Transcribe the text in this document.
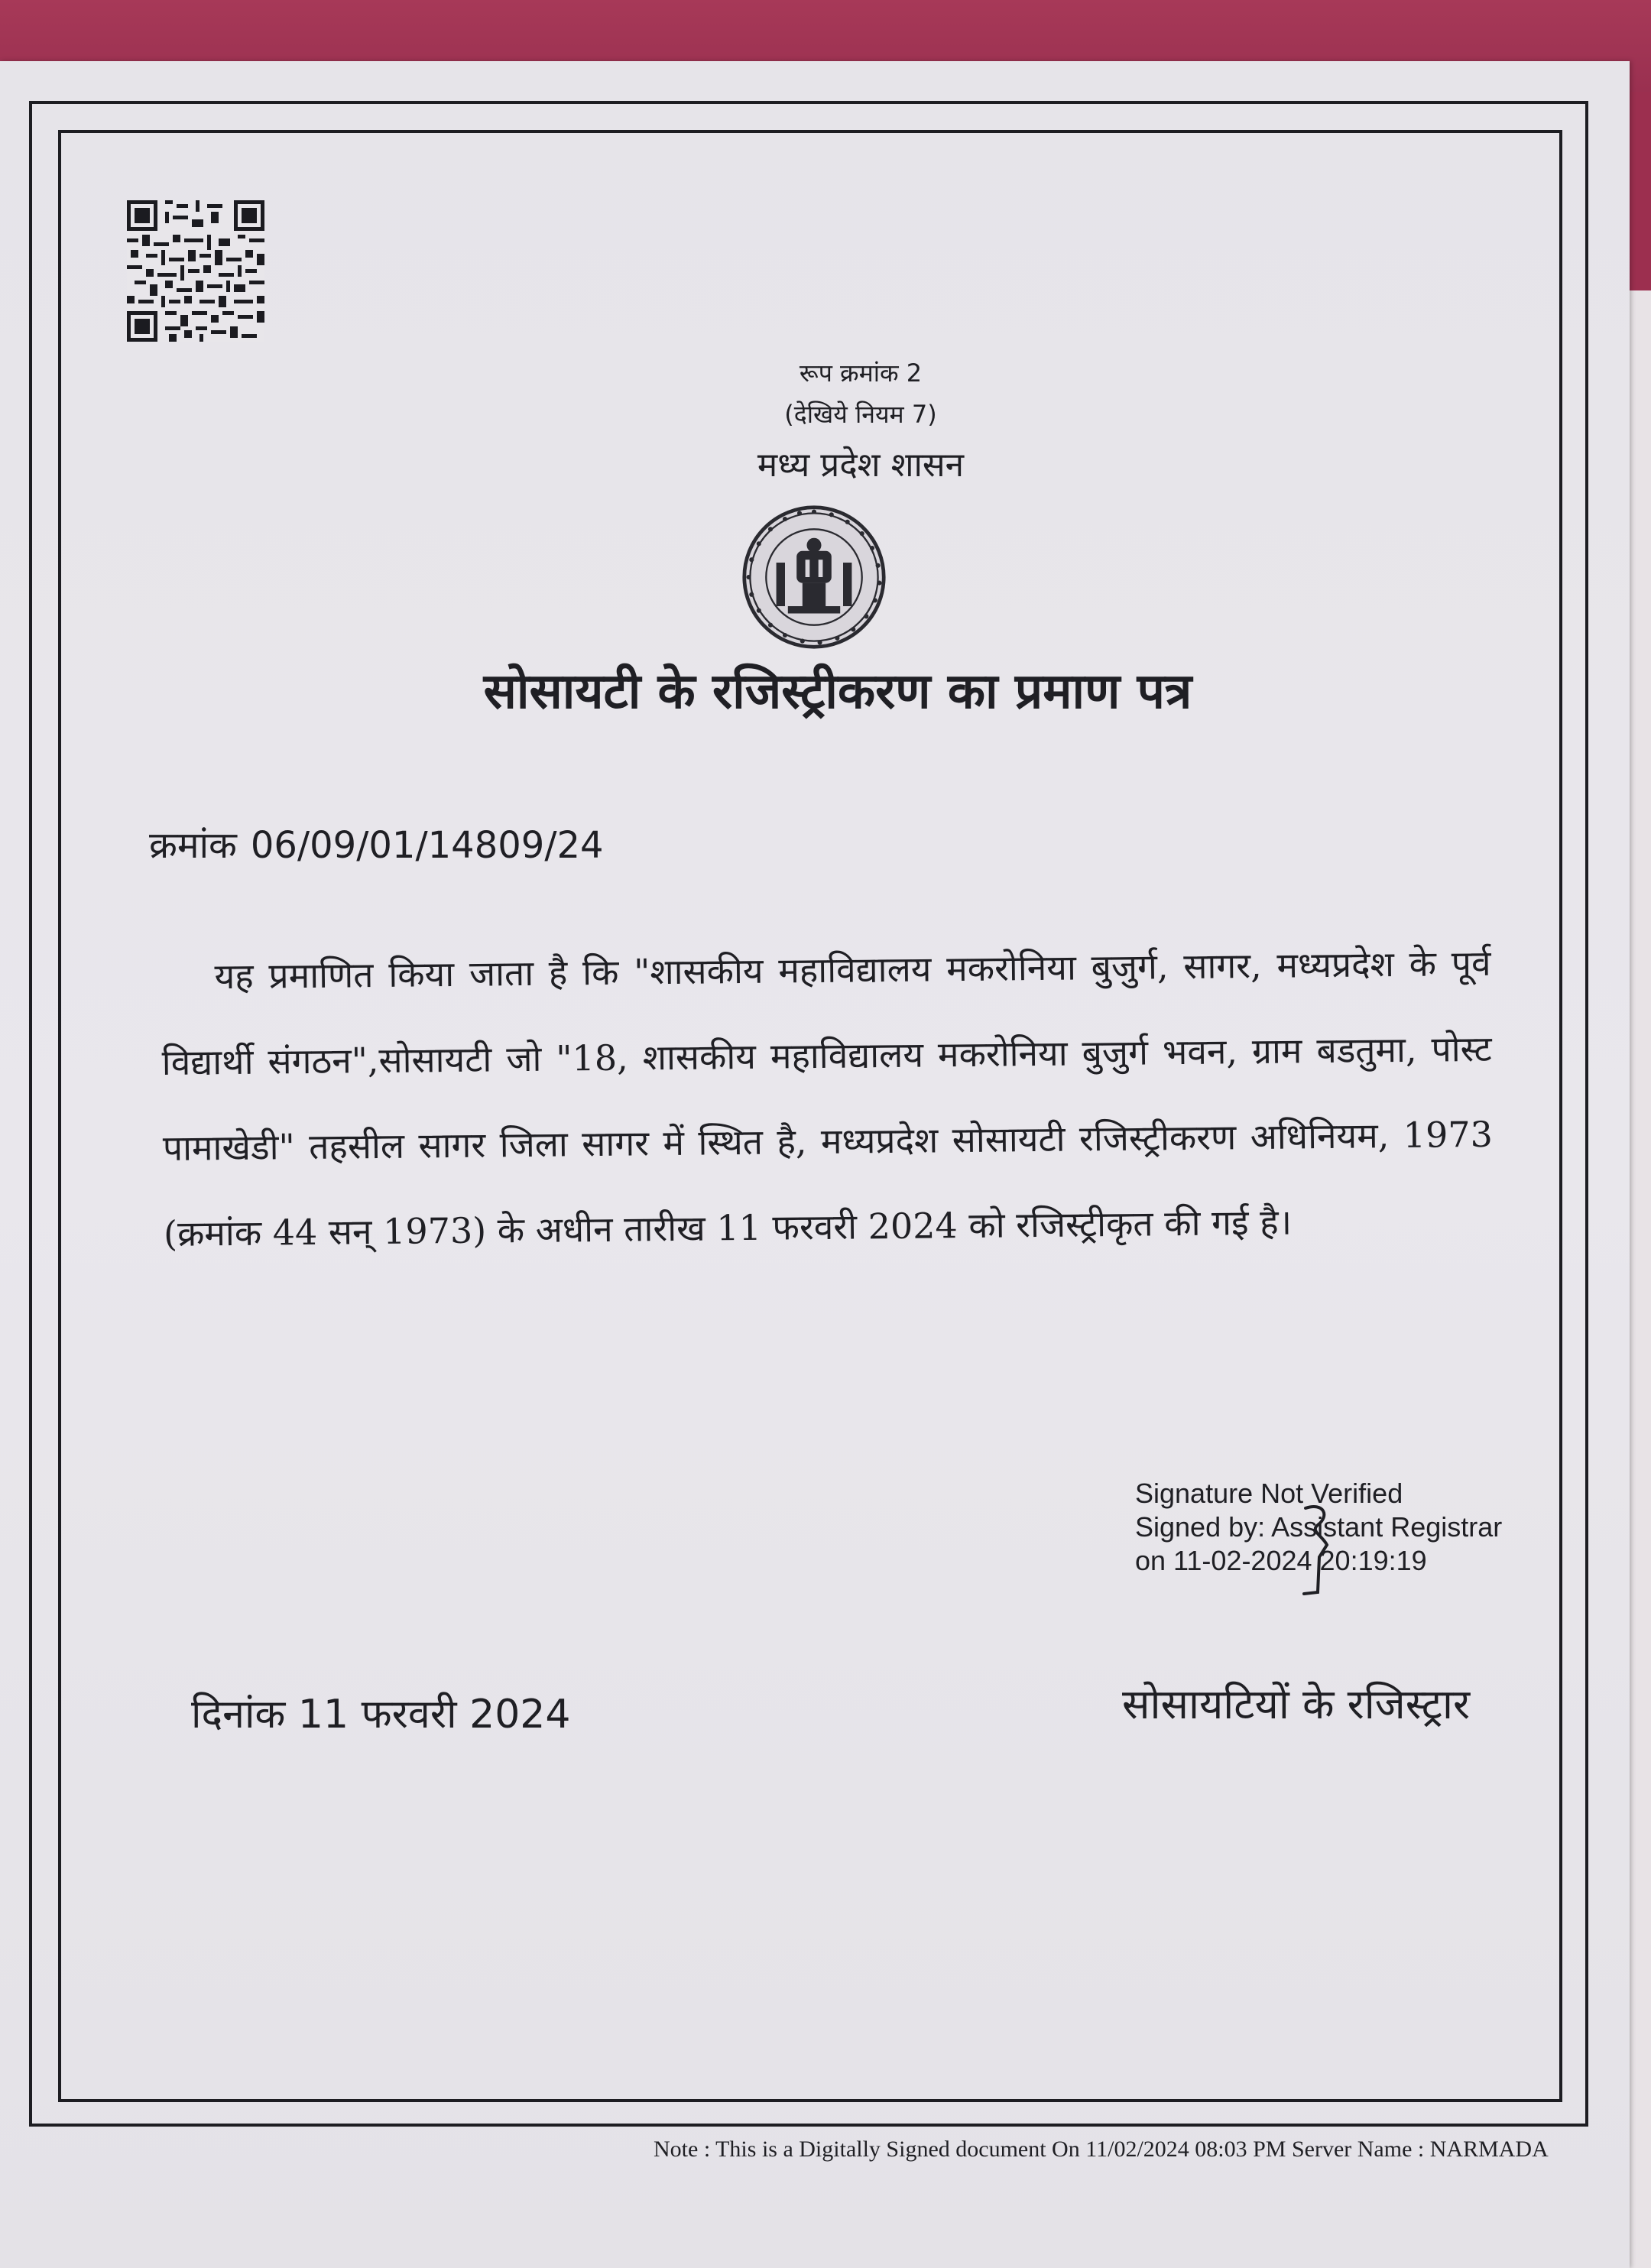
रूप क्रमांक 2
(देखिये नियम 7)
मध्य प्रदेश शासन
सोसायटी के रजिस्ट्रीकरण का प्रमाण पत्र
क्रमांक 06/09/01/14809/24
यह प्रमाणित किया जाता है कि "शासकीय महाविद्यालय मकरोनिया बुजुर्ग, सागर, मध्यप्रदेश के पूर्व विद्यार्थी संगठन",सोसायटी जो "18, शासकीय महाविद्यालय मकरोनिया बुजुर्ग भवन, ग्राम बडतुमा, पोस्ट पामाखेडी" तहसील सागर जिला सागर में स्थित है, मध्यप्रदेश सोसायटी रजिस्ट्रीकरण अधिनियम, 1973 (क्रमांक 44 सन् 1973) के अधीन तारीख 11 फरवरी 2024 को रजिस्ट्रीकृत की गई है।
Signature Not Verified
Signed by: Assistant Registrar
on 11-02-2024 20:19:19
दिनांक 11 फरवरी 2024	सोसायटियों के रजिस्ट्रार
Note : This is a Digitally Signed document On 11/02/2024 08:03 PM Server Name : NARMADA
